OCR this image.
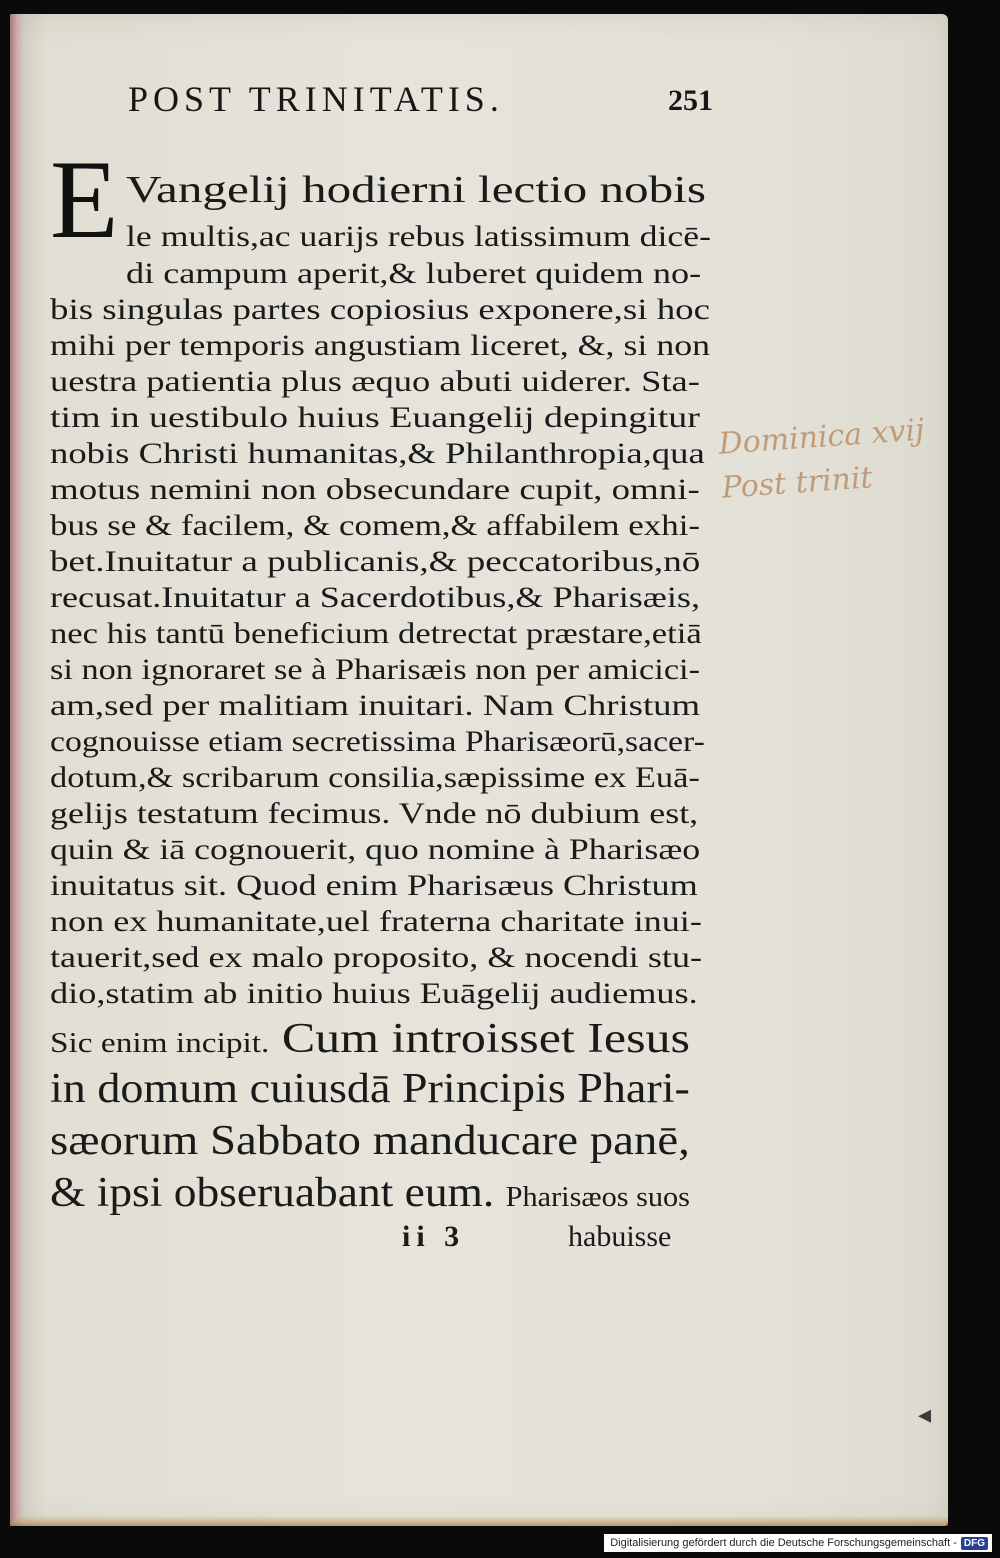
POST TRINITATIS.	251
E Vangelij hodierni lectio nobis
le multis,ac uarijs rebus latissimum dicē-
di campum aperit,& luberet quidem no-
bis singulas partes copiosius exponere,si hoc
mihi per temporis angustiam liceret, &, si non
uestra patientia plus æquo abuti uiderer. Sta-
tim in uestibulo huius Euangelij depingitur
nobis Christi humanitas,& Philanthropia,qua
motus nemini non obsecundare cupit, omni-
bus se & facilem, & comem,& affabilem exhi-
bet.Inuitatur a publicanis,& peccatoribus,nō
recusat.Inuitatur a Sacerdotibus,& Pharisæis,
nec his tantū beneficium detrectat præstare,etiā
si non ignoraret se à Pharisæis non per amicici-
am,sed per malitiam inuitari. Nam Christum
cognouisse etiam secretissima Pharisæorū,sacer-
dotum,& scribarum consilia,sæpissime ex Euā-
gelijs testatum fecimus. Vnde nō dubium est,
quin & iā cognouerit, quo nomine à Pharisæo
inuitatus sit. Quod enim Pharisæus Christum
non ex humanitate,uel fraterna charitate inui-
tauerit,sed ex malo proposito, & nocendi stu-
dio,statim ab initio huius Euāgelij audiemus.
Sic enim incipit. Cum introisset Iesus
in domum cuiusdā Principis Phari-
sæorum Sabbato manducare panē,
& ipsi obseruabant eum. Pharisæos suos
Dominica xvij Post trinit
ii 3	habuisse
◂
Digitalisierung gefördert durch die Deutsche Forschungsgemeinschaft - DFG
